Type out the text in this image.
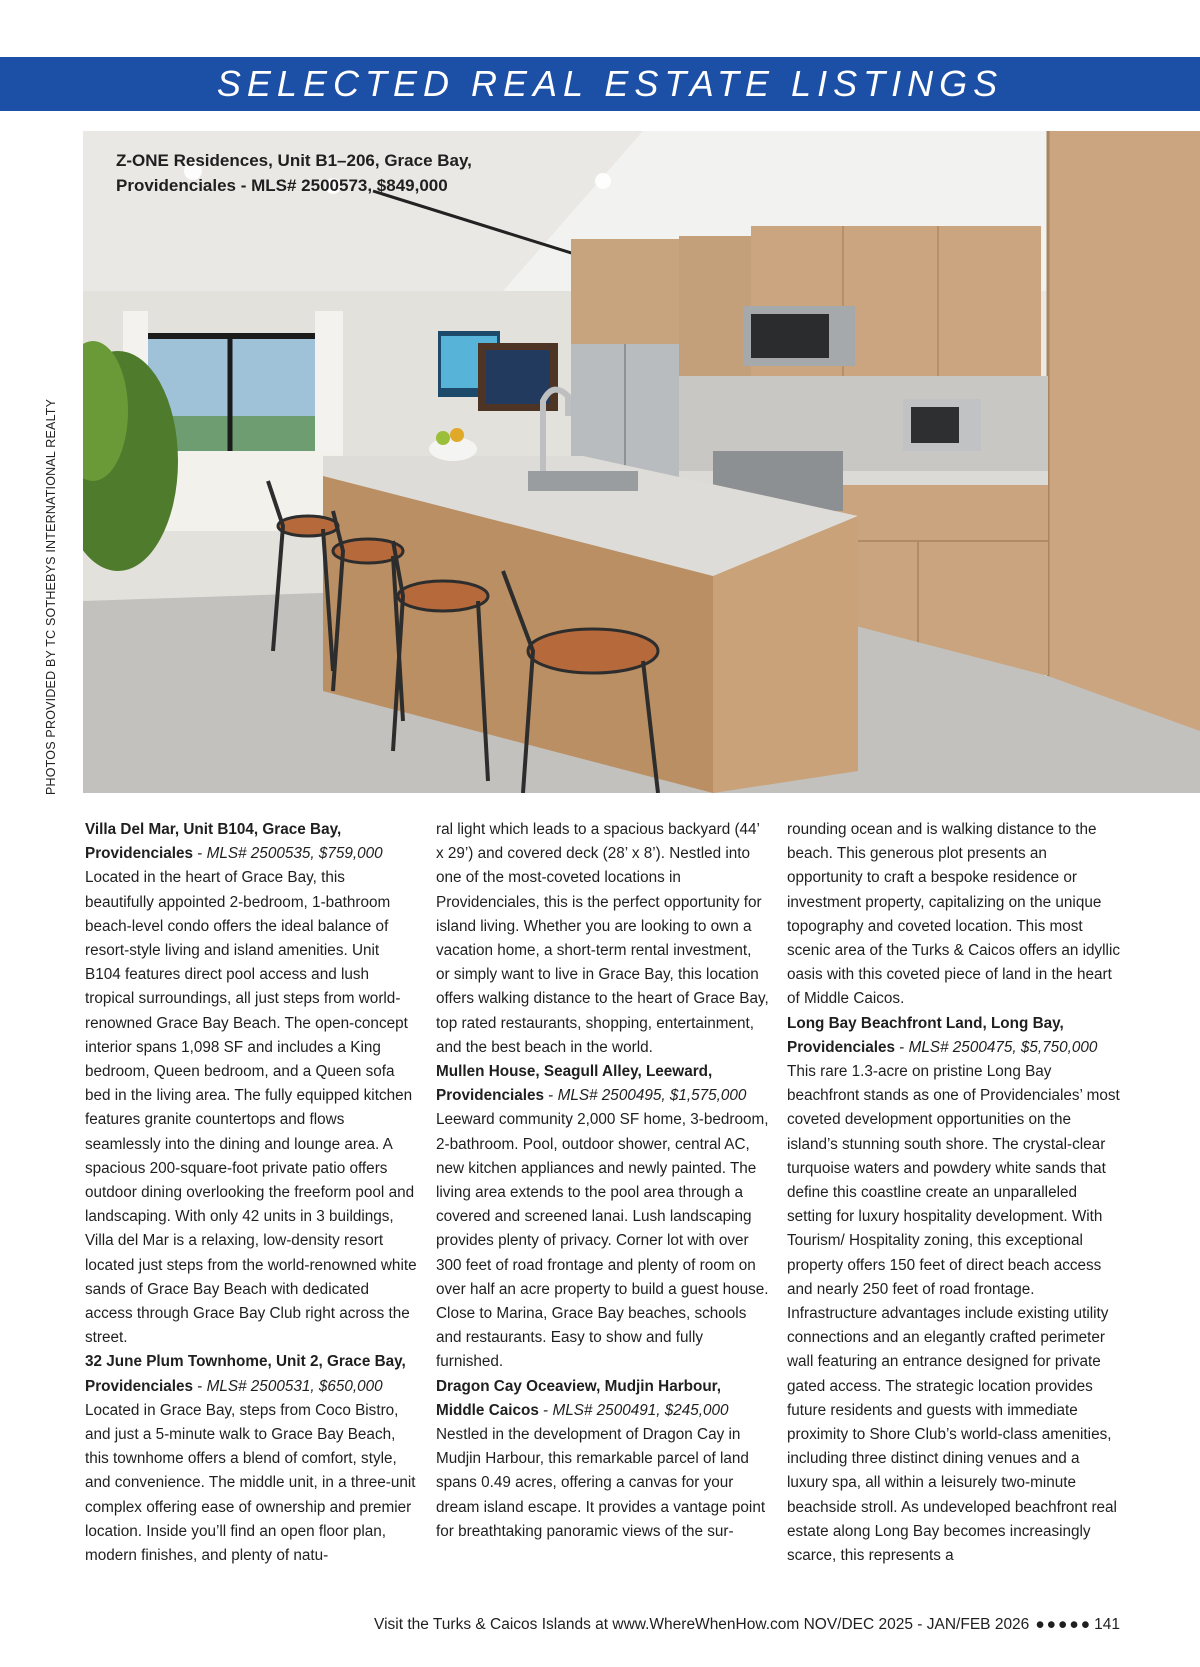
SELECTED REAL ESTATE LISTINGS
PHOTOS PROVIDED BY TC SOTHEBYS INTERNATIONAL REALTY
Z-ONE Residences, Unit B1–206, Grace Bay,
Providenciales - MLS# 2500573, $849,000

Villa Del Mar, Unit B104, Grace Bay, Providenciales - MLS# 2500535, $759,000

Located in the heart of Grace Bay, this beautifully appointed 2-bedroom, 1-bathroom beach-level condo offers the ideal balance of resort-style living and island amenities. Unit B104 features direct pool access and lush tropical surroundings, all just steps from world-renowned Grace Bay Beach. The open-concept interior spans 1,098 SF and includes a King bedroom, Queen bedroom, and a Queen sofa bed in the living area. The fully equipped kitchen features granite countertops and flows seamlessly into the dining and lounge area. A spacious 200-square-foot private patio offers outdoor dining overlooking the freeform pool and landscaping. With only 42 units in 3 buildings, Villa del Mar is a relaxing, low-density resort located just steps from the world-renowned white sands of Grace Bay Beach with dedicated access through Grace Bay Club right across the street.

32 June Plum Townhome, Unit 2, Grace Bay, Providenciales - MLS# 2500531, $650,000

Located in Grace Bay, steps from Coco Bistro, and just a 5-minute walk to Grace Bay Beach, this townhome offers a blend of comfort, style, and convenience. The middle unit, in a three-unit complex offering ease of ownership and premier location. Inside you’ll find an open floor plan, modern finishes, and plenty of natu-

ral light which leads to a spacious backyard (44’ x 29’) and covered deck (28’ x 8’). Nestled into one of the most-coveted locations in Providenciales, this is the perfect opportunity for island living. Whether you are looking to own a vacation home, a short-term rental investment, or simply want to live in Grace Bay, this location offers walking distance to the heart of Grace Bay, top rated restaurants, shopping, entertainment, and the best beach in the world.

Mullen House, Seagull Alley, Leeward, Providenciales - MLS# 2500495, $1,575,000

Leeward community 2,000 SF home, 3-bedroom, 2-bathroom. Pool, outdoor shower, central AC, new kitchen appliances and newly painted. The living area extends to the pool area through a covered and screened lanai. Lush landscaping provides plenty of privacy. Corner lot with over 300 feet of road frontage and plenty of room on over half an acre property to build a guest house. Close to Marina, Grace Bay beaches, schools and restaurants. Easy to show and fully furnished.

Dragon Cay Oceaview, Mudjin Harbour, Middle Caicos - MLS# 2500491, $245,000

Nestled in the development of Dragon Cay in Mudjin Harbour, this remarkable parcel of land spans 0.49 acres, offering a canvas for your dream island escape. It provides a vantage point for breathtaking panoramic views of the sur-

rounding ocean and is walking distance to the beach. This generous plot presents an opportunity to craft a bespoke residence or investment property, capitalizing on the unique topography and coveted location. This most scenic area of the Turks & Caicos offers an idyllic oasis with this coveted piece of land in the heart of Middle Caicos.

Long Bay Beachfront Land, Long Bay, Providenciales - MLS# 2500475, $5,750,000

This rare 1.3-acre on pristine Long Bay beachfront stands as one of Providenciales’ most coveted development opportunities on the island’s stunning south shore. The crystal-clear turquoise waters and powdery white sands that define this coastline create an unparalleled setting for luxury hospitality development. With Tourism/ Hospitality zoning, this exceptional property offers 150 feet of direct beach access and nearly 250 feet of road frontage. Infrastructure advantages include existing utility connections and an elegantly crafted perimeter wall featuring an entrance designed for private gated access. The strategic location provides future residents and guests with immediate proximity to Shore Club’s world-class amenities, including three distinct dining venues and a luxury spa, all within a leisurely two-minute beachside stroll. As undeveloped beachfront real estate along Long Bay becomes increasingly scarce, this represents a

Visit the Turks & Caicos Islands at www.WhereWhenHow.com NOV/DEC 2025 - JAN/FEB 2026 ●●●●● 141
